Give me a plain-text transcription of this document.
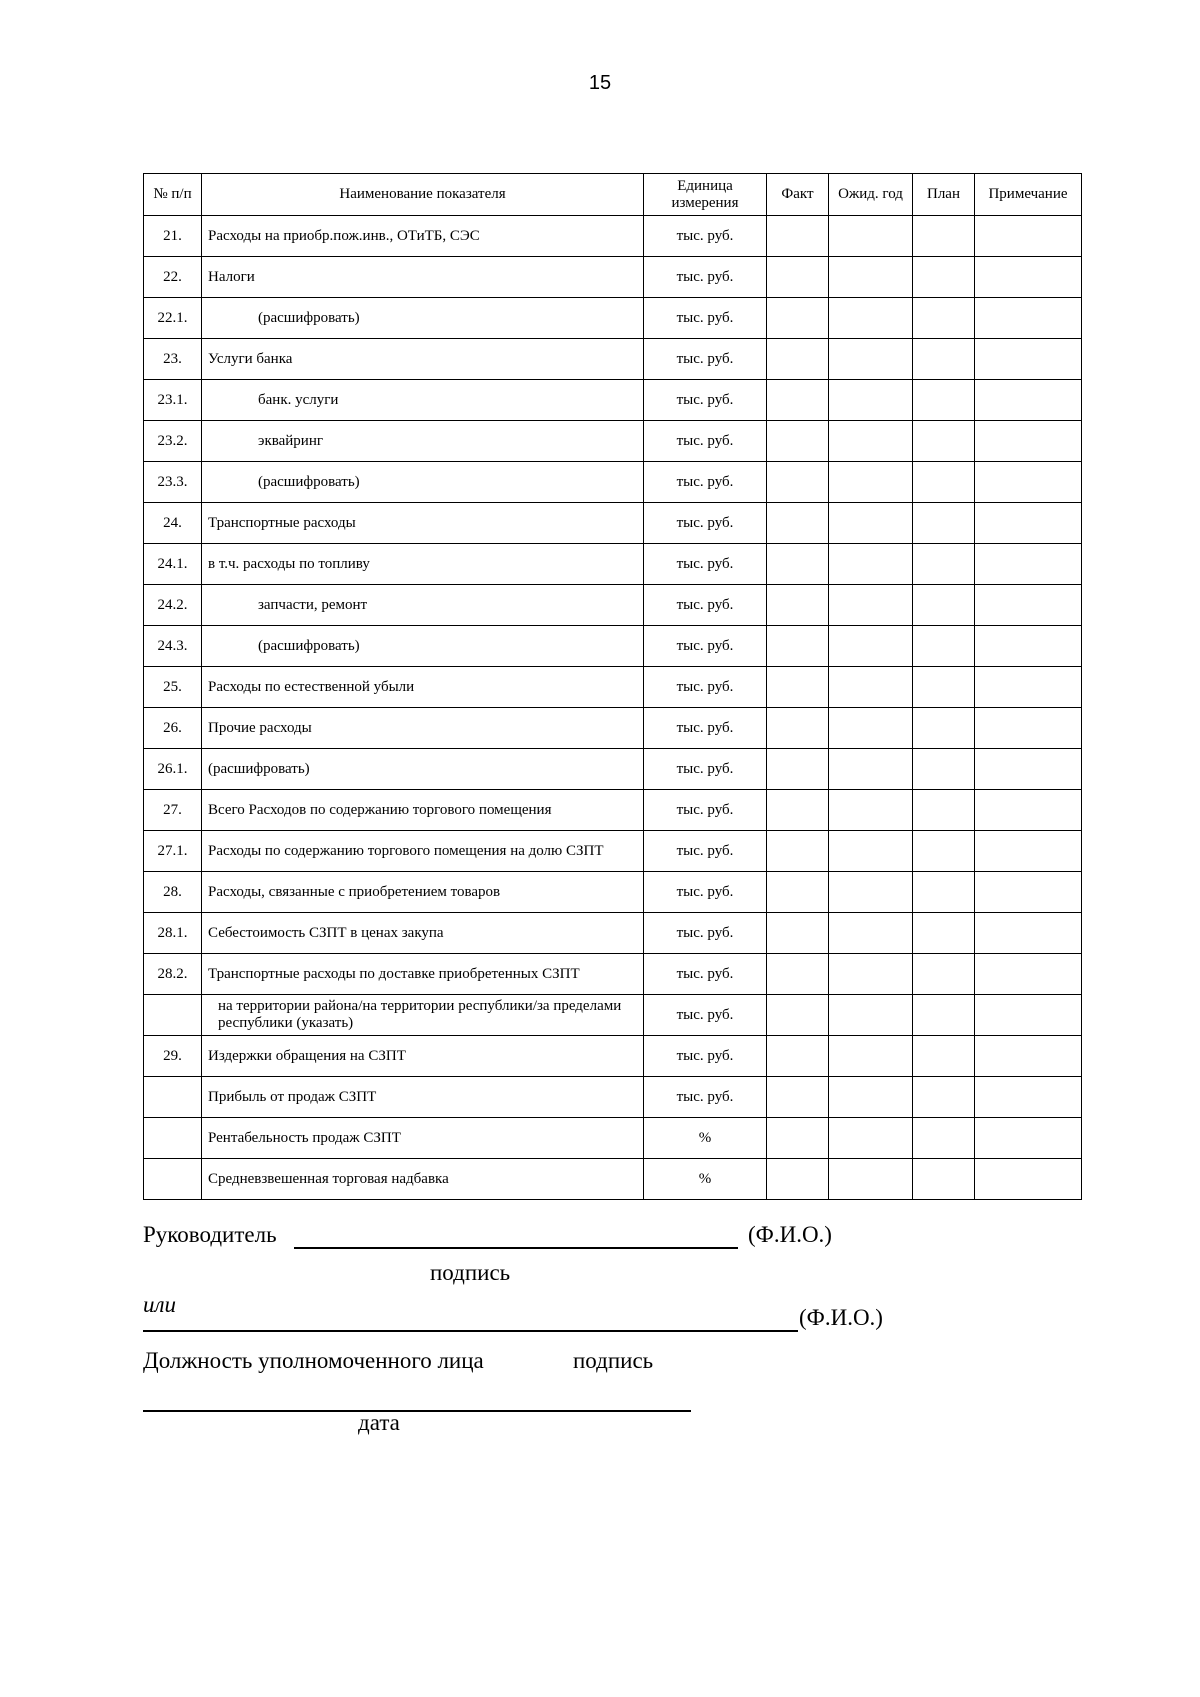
15
№ п/п	Наименование показателя	Единица измерения	Факт	Ожид. год	План	Примечание
21.	Расходы на приобр.пож.инв., ОТиТБ, СЭС	тыс. руб.				
22.	Налоги	тыс. руб.				
22.1.	(расшифровать)	тыс. руб.				
23.	Услуги банка	тыс. руб.				
23.1.	банк. услуги	тыс. руб.				
23.2.	эквайринг	тыс. руб.				
23.3.	(расшифровать)	тыс. руб.				
24.	Транспортные расходы	тыс. руб.				
24.1.	в т.ч. расходы по топливу	тыс. руб.				
24.2.	запчасти, ремонт	тыс. руб.				
24.3.	(расшифровать)	тыс. руб.				
25.	Расходы по естественной убыли	тыс. руб.				
26.	Прочие расходы	тыс. руб.				
26.1.	(расшифровать)	тыс. руб.				
27.	Всего Расходов по содержанию торгового помещения	тыс. руб.				
27.1.	Расходы по содержанию торгового помещения на долю СЗПТ	тыс. руб.				
28.	Расходы, связанные с приобретением товаров	тыс. руб.				
28.1.	Себестоимость СЗПТ в ценах закупа	тыс. руб.				
28.2.	Транспортные расходы по доставке приобретенных СЗПТ	тыс. руб.				
	на территории района/на территории республики/за пределами республики (указать)	тыс. руб.				
29.	Издержки обращения на СЗПТ	тыс. руб.				
	Прибыль от продаж СЗПТ	тыс. руб.				
	Рентабельность продаж СЗПТ	%				
	Средневзвешенная торговая надбавка	%				
Руководитель	(Ф.И.О.)
подпись
или
(Ф.И.О.)
Должность уполномоченного лица	подпись
дата
